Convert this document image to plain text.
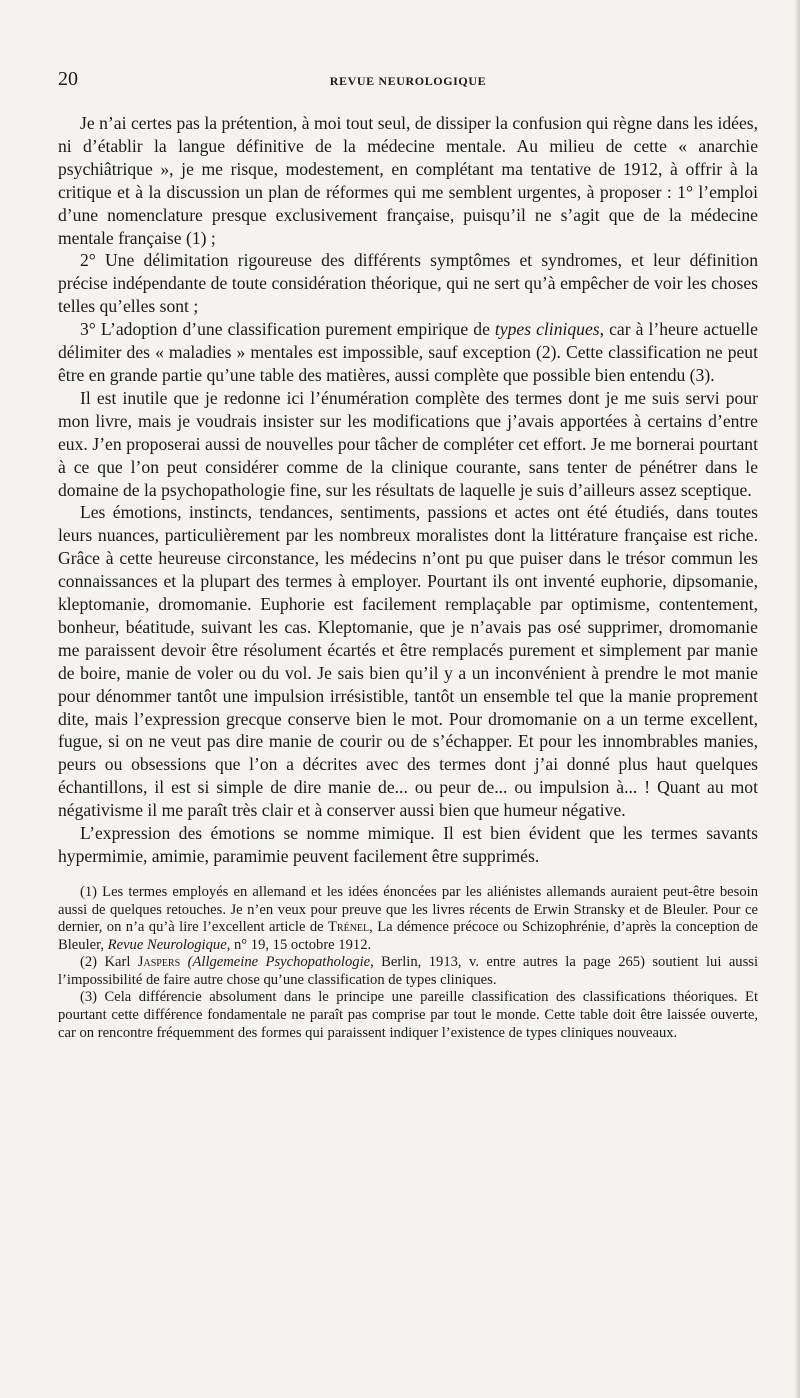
20	REVUE NEUROLOGIQUE

Je n’ai certes pas la prétention, à moi tout seul, de dissiper la confusion qui règne dans les idées, ni d’établir la langue définitive de la médecine mentale. Au milieu de cette « anarchie psychiâtrique », je me risque, modestement, en complétant ma tentative de 1912, à offrir à la critique et à la discussion un plan de réformes qui me semblent urgentes, à proposer : 1° l’emploi d’une nomenclature presque exclusivement française, puisqu’il ne s’agit que de la médecine mentale française (1) ;

2° Une délimitation rigoureuse des différents symptômes et syndromes, et leur définition précise indépendante de toute considération théorique, qui ne sert qu’à empêcher de voir les choses telles qu’elles sont ;

3° L’adoption d’une classification purement empirique de types cliniques, car à l’heure actuelle délimiter des « maladies » mentales est impossible, sauf exception (2). Cette classification ne peut être en grande partie qu’une table des matières, aussi complète que possible bien entendu (3).

Il est inutile que je redonne ici l’énumération complète des termes dont je me suis servi pour mon livre, mais je voudrais insister sur les modifications que j’avais apportées à certains d’entre eux. J’en proposerai aussi de nouvelles pour tâcher de compléter cet effort. Je me bornerai pourtant à ce que l’on peut considérer comme de la clinique courante, sans tenter de pénétrer dans le domaine de la psychopathologie fine, sur les résultats de laquelle je suis d’ailleurs assez sceptique.

Les émotions, instincts, tendances, sentiments, passions et actes ont été étudiés, dans toutes leurs nuances, particulièrement par les nombreux moralistes dont la littérature française est riche. Grâce à cette heureuse circonstance, les médecins n’ont pu que puiser dans le trésor commun les connaissances et la plupart des termes à employer. Pourtant ils ont inventé euphorie, dipsomanie, kleptomanie, dromomanie. Euphorie est facilement remplaçable par optimisme, contentement, bonheur, béatitude, suivant les cas. Kleptomanie, que je n’avais pas osé supprimer, dromomanie me paraissent devoir être résolument écartés et être remplacés purement et simplement par manie de boire, manie de voler ou du vol. Je sais bien qu’il y a un inconvénient à prendre le mot manie pour dénommer tantôt une impulsion irrésistible, tantôt un ensemble tel que la manie proprement dite, mais l’expression grecque conserve bien le mot. Pour dromomanie on a un terme excellent, fugue, si on ne veut pas dire manie de courir ou de s’échapper. Et pour les innombrables manies, peurs ou obsessions que l’on a décrites avec des termes dont j’ai donné plus haut quelques échantillons, il est si simple de dire manie de... ou peur de... ou impulsion à... ! Quant au mot négativisme il me paraît très clair et à conserver aussi bien que humeur négative.

L’expression des émotions se nomme mimique. Il est bien évident que les termes savants hypermimie, amimie, paramimie peuvent facilement être supprimés.

(1) Les termes employés en allemand et les idées énoncées par les aliénistes allemands auraient peut-être besoin aussi de quelques retouches. Je n’en veux pour preuve que les livres récents de Erwin Stransky et de Bleuler. Pour ce dernier, on n’a qu’à lire l’excellent article de Trénel, La démence précoce ou Schizophrénie, d’après la conception de Bleuler, Revue Neurologique, n° 19, 15 octobre 1912.

(2) Karl Jaspers (Allgemeine Psychopathologie, Berlin, 1913, v. entre autres la page 265) soutient lui aussi l’impossibilité de faire autre chose qu’une classification de types cliniques.

(3) Cela différencie absolument dans le principe une pareille classification des classifications théoriques. Et pourtant cette différence fondamentale ne paraît pas comprise par tout le monde. Cette table doit être laissée ouverte, car on rencontre fréquemment des formes qui paraissent indiquer l’existence de types cliniques nouveaux.
